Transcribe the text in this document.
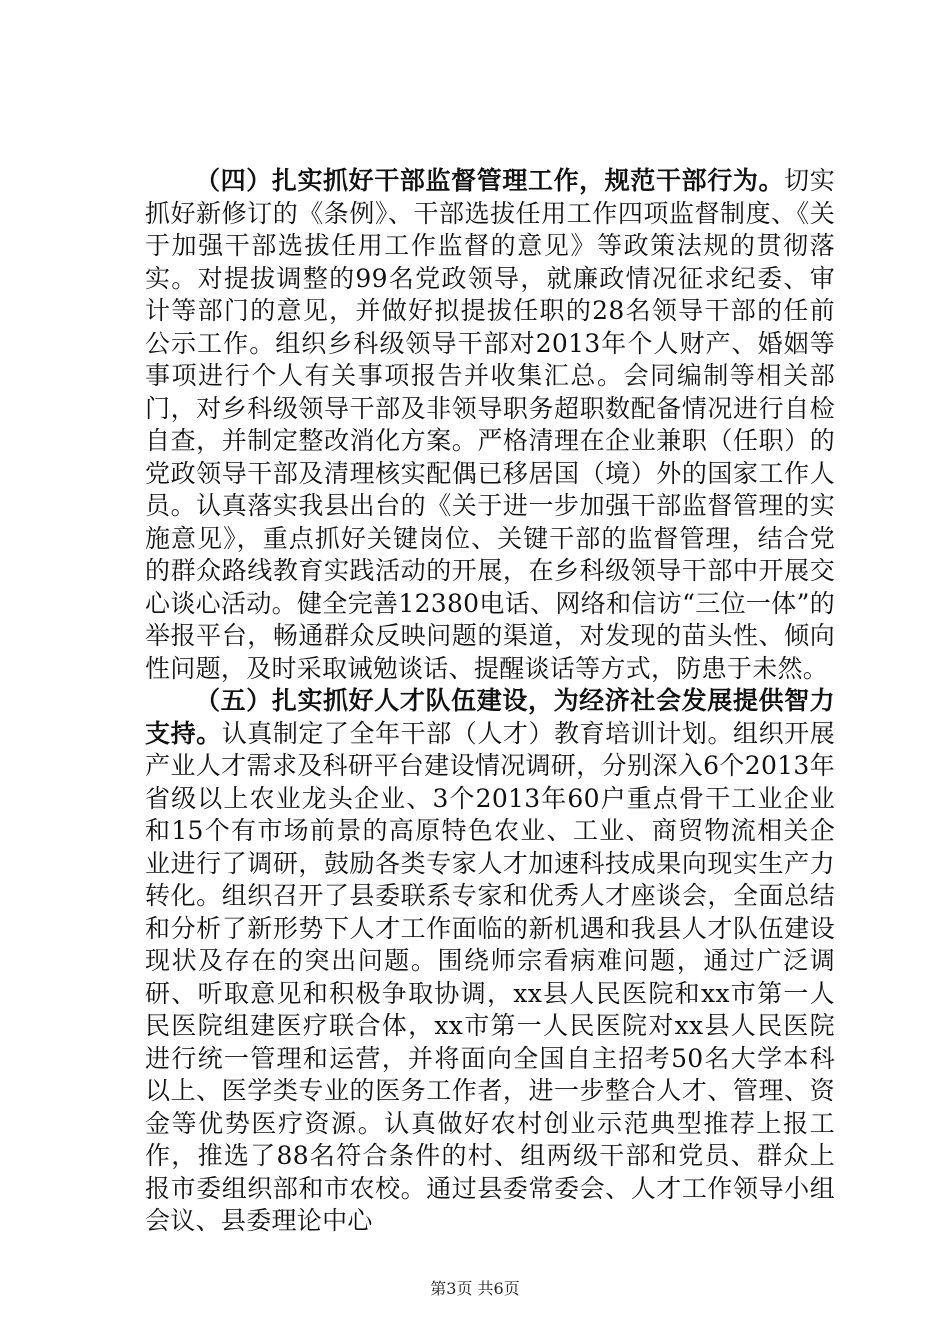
（四）扎实抓好干部监督管理工作，规范干部行为。切实抓好新修订的《条例》、干部选拔任用工作四项监督制度、《关于加强干部选拔任用工作监督的意见》等政策法规的贯彻落实。对提拔调整的99名党政领导，就廉政情况征求纪委、审计等部门的意见，并做好拟提拔任职的28名领导干部的任前公示工作。组织乡科级领导干部对2013年个人财产、婚姻等事项进行个人有关事项报告并收集汇总。会同编制等相关部门，对乡科级领导干部及非领导职务超职数配备情况进行自检自查，并制定整改消化方案。严格清理在企业兼职（任职）的党政领导干部及清理核实配偶已移居国（境）外的国家工作人员。认真落实我县出台的《关于进一步加强干部监督管理的实施意见》，重点抓好关键岗位、关键干部的监督管理，结合党的群众路线教育实践活动的开展，在乡科级领导干部中开展交心谈心活动。健全完善12380电话、网络和信访“三位一体”的举报平台，畅通群众反映问题的渠道，对发现的苗头性、倾向性问题，及时采取诫勉谈话、提醒谈话等方式，防患于未然。

（五）扎实抓好人才队伍建设，为经济社会发展提供智力支持。认真制定了全年干部（人才）教育培训计划。组织开展产业人才需求及科研平台建设情况调研，分别深入6个2013年省级以上农业龙头企业、3个2013年60户重点骨干工业企业和15个有市场前景的高原特色农业、工业、商贸物流相关企业进行了调研，鼓励各类专家人才加速科技成果向现实生产力转化。组织召开了县委联系专家和优秀人才座谈会，全面总结和分析了新形势下人才工作面临的新机遇和我县人才队伍建设现状及存在的突出问题。围绕师宗看病难问题，通过广泛调研、听取意见和积极争取协调，xx县人民医院和xx市第一人民医院组建医疗联合体，xx市第一人民医院对xx县人民医院进行统一管理和运营，并将面向全国自主招考50名大学本科以上、医学类专业的医务工作者，进一步整合人才、管理、资金等优势医疗资源。认真做好农村创业示范典型推荐上报工作，推选了88名符合条件的村、组两级干部和党员、群众上报市委组织部和市农校。通过县委常委会、人才工作领导小组会议、县委理论中心

第3页 共6页
